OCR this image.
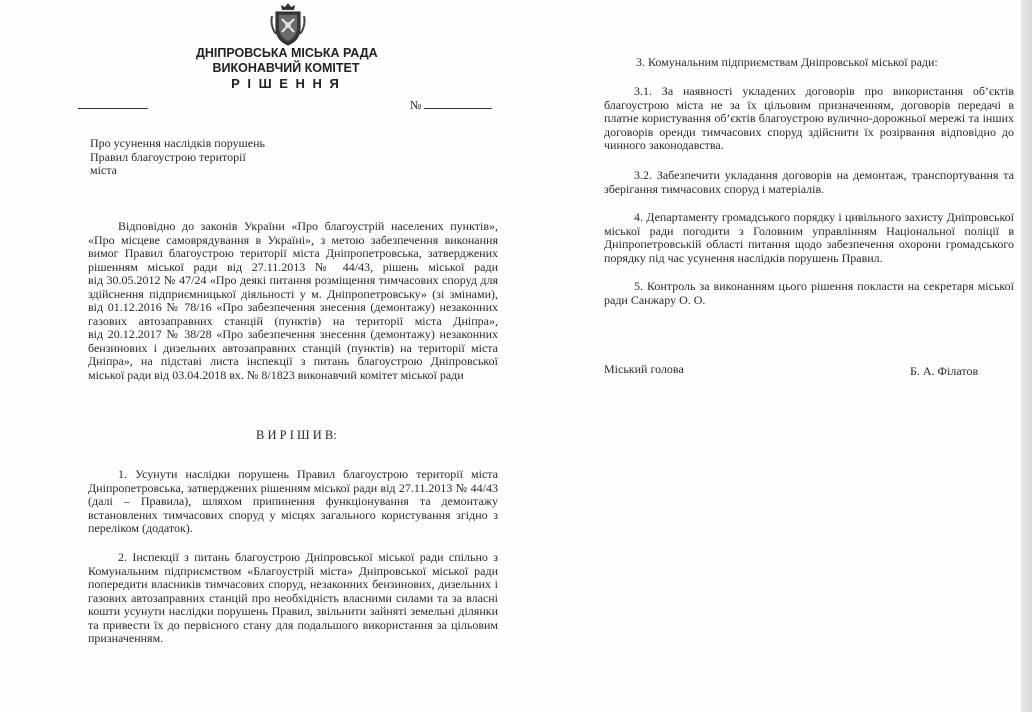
ДНІПРОВСЬКА МІСЬКА РАДА
ВИКОНАВЧИЙ КОМІТЕТ
Р І Ш Е Н Н Я
№
Про усунення наслідків порушень
Правил благоустрою території
міста
Відповідно до законів України «Про благоустрій населених пунктів»,
«Про місцеве самоврядування в Україні», з метою забезпечення виконання
вимог Правил благоустрою території міста Дніпропетровська, затверджених
рішенням міської ради від 27.11.2013 № 44/43, рішень міської ради
від 30.05.2012 № 47/24 «Про деякі питання розміщення тимчасових споруд для
здійснення підприємницької діяльності у м. Дніпропетровську» (зі змінами),
від 01.12.2016 № 78/16 «Про забезпечення знесення (демонтажу) незаконних
газових автозаправних станцій (пунктів) на території міста Дніпра»,
від 20.12.2017 № 38/28 «Про забезпечення знесення (демонтажу) незаконних
бензинових і дизельних автозаправних станцій (пунктів) на території міста
Дніпра», на підставі листа інспекції з питань благоустрою Дніпровської
міської ради від 03.04.2018 вх. № 8/1823 виконавчий комітет міської ради
В И Р І Ш И В:
1. Усунути наслідки порушень Правил благоустрою території міста
Дніпропетровська, затверджених рішенням міської ради від 27.11.2013 № 44/43
(далі – Правила), шляхом припинення функціонування та демонтажу
встановлених тимчасових споруд у місцях загального користування згідно з
переліком (додаток).
2. Інспекції з питань благоустрою Дніпровської міської ради спільно з
Комунальним підприємством «Благоустрій міста» Дніпровської міської ради
попередити власників тимчасових споруд, незаконних бензинових, дизельних і
газових автозаправних станцій про необхідність власними силами та за власні
кошти усунути наслідки порушень Правил, звільнити зайняті земельні ділянки
та привести їх до первісного стану для подальшого використання за цільовим
призначенням.
3. Комунальним підприємствам Дніпровської міської ради:
3.1. За наявності укладених договорів про використання об’єктів
благоустрою міста не за їх цільовим призначенням, договорів передачі в
платне користування об’єктів благоустрою вулично-дорожньої мережі та інших
договорів оренди тимчасових споруд здійснити їх розірвання відповідно до
чинного законодавства.
3.2. Забезпечити укладання договорів на демонтаж, транспортування та
зберігання тимчасових споруд і матеріалів.
4. Департаменту громадського порядку і цивільного захисту Дніпровської
міської ради погодити з Головним управлінням Національної поліції в
Дніпропетровській області питання щодо забезпечення охорони громадського
порядку під час усунення наслідків порушень Правил.
5. Контроль за виконанням цього рішення покласти на секретаря міської
ради Санжару О. О.
Міський голова	Б. А. Філатов
